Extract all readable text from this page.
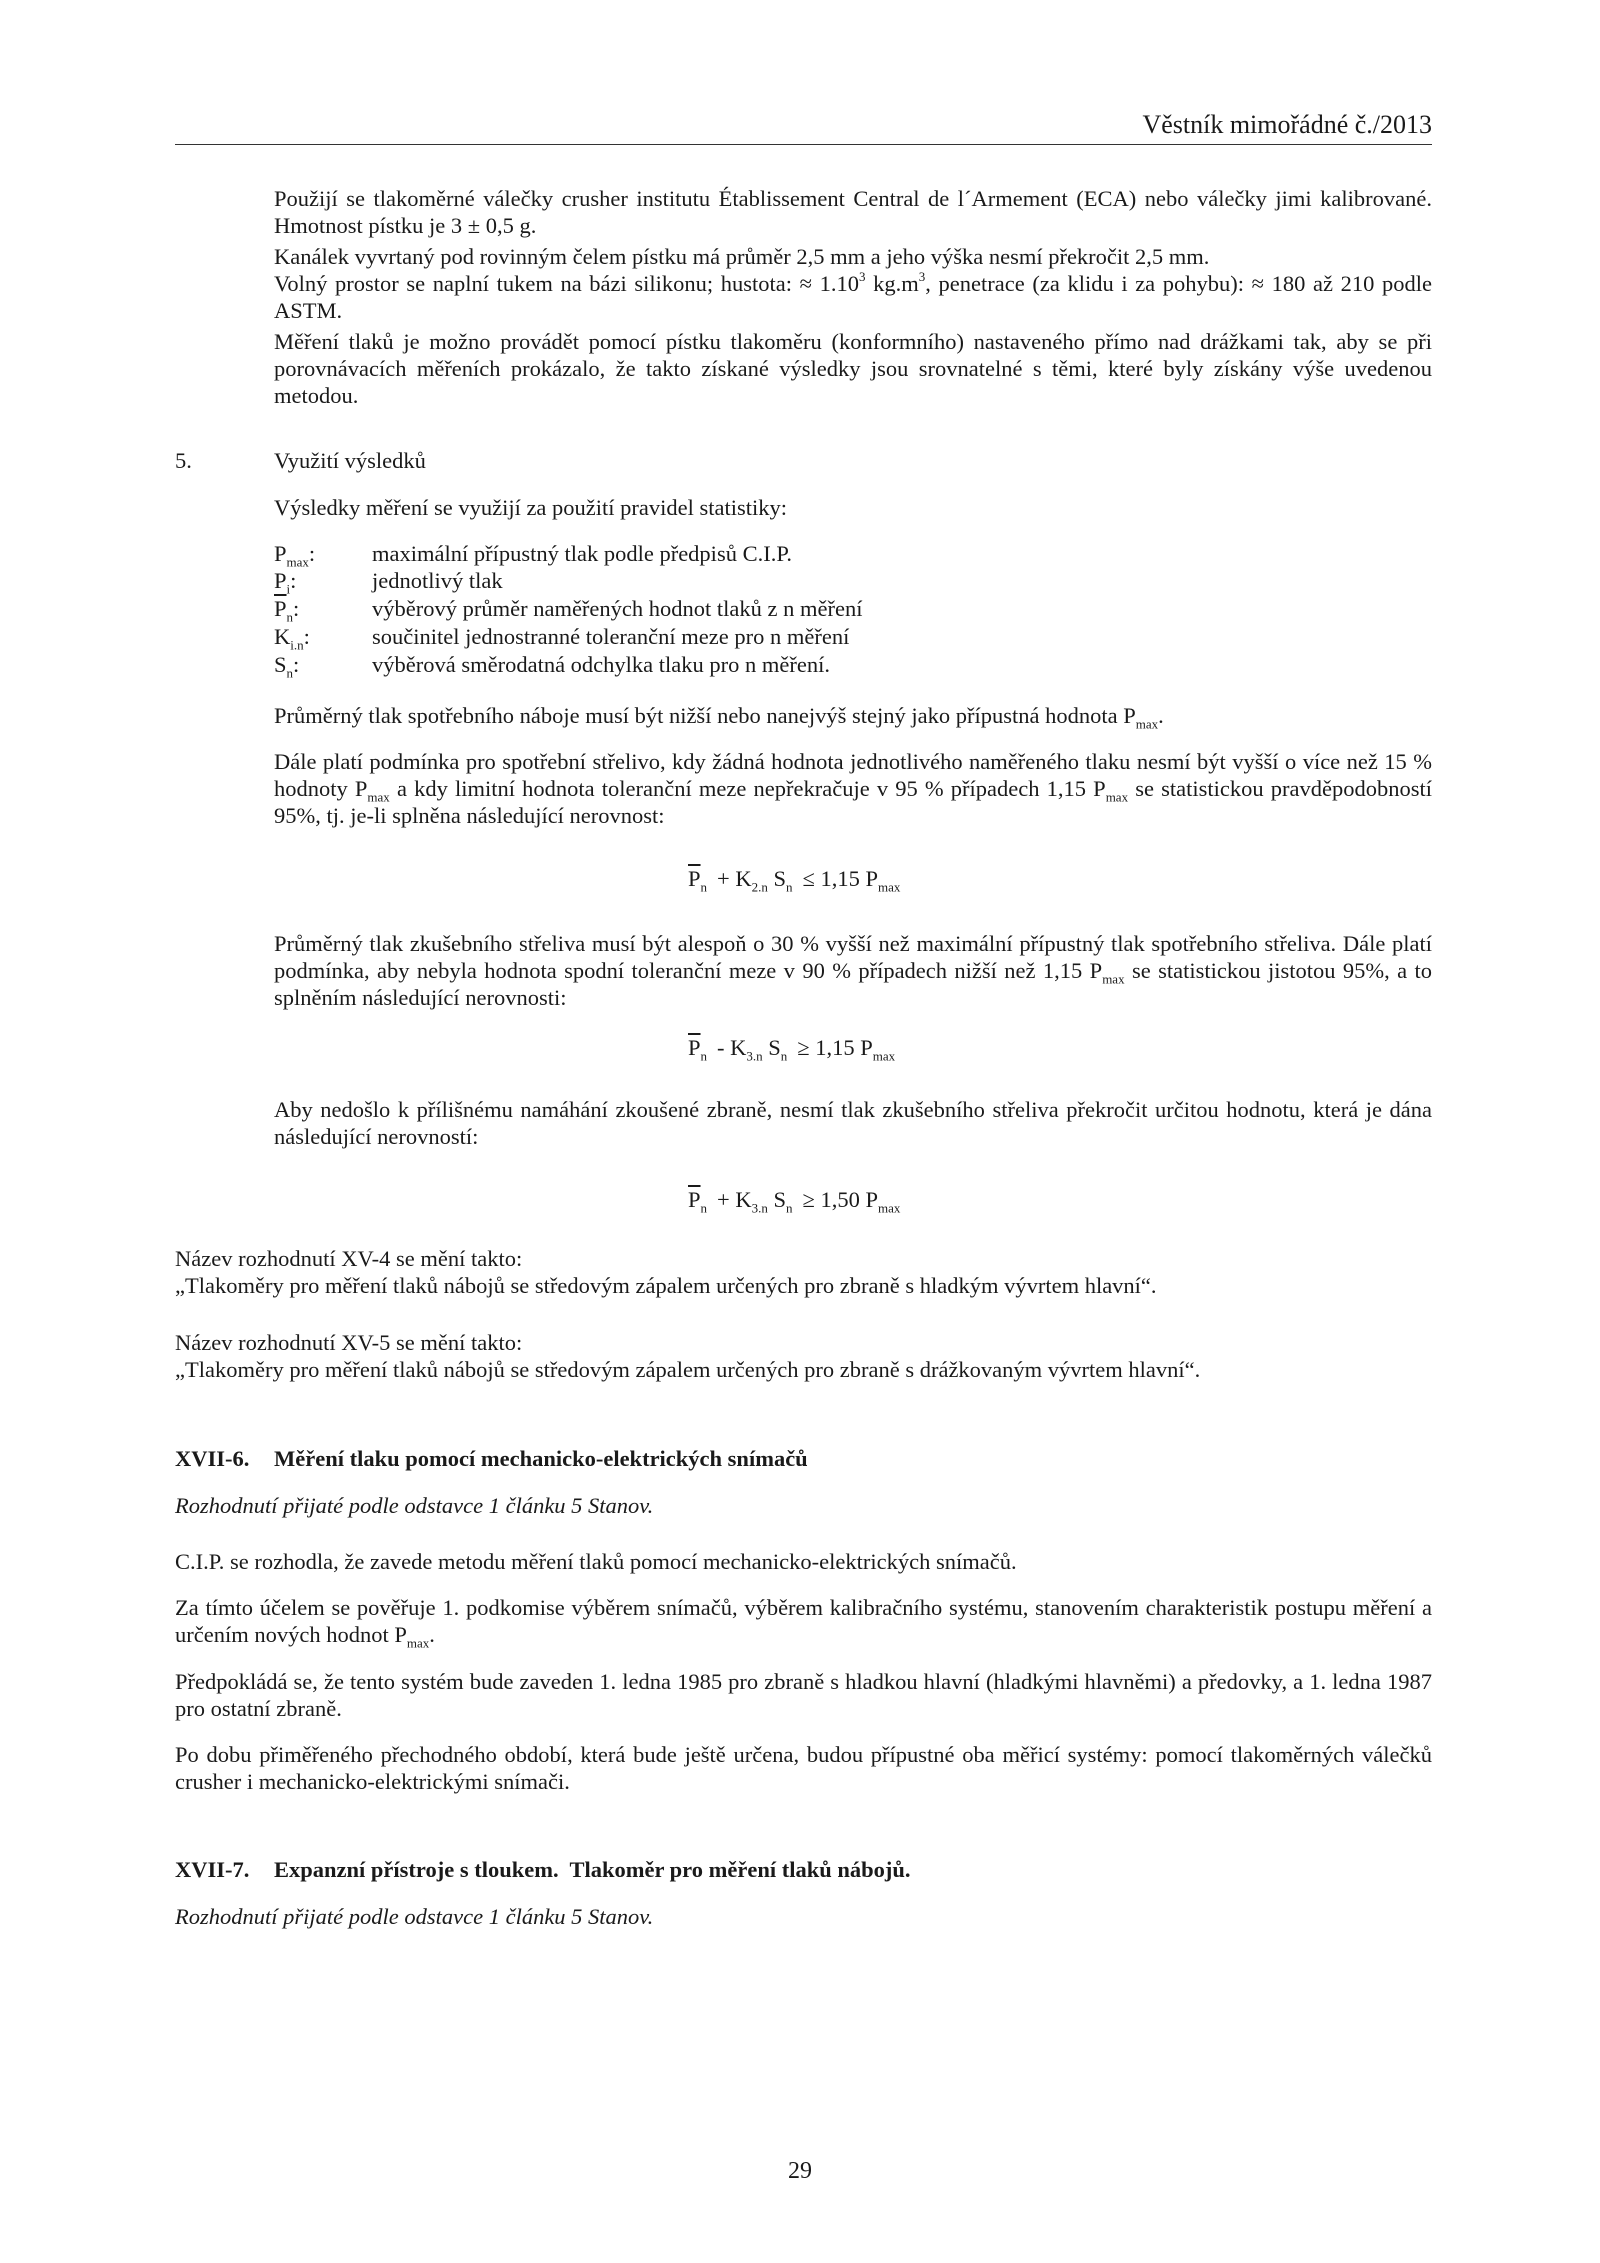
Věstník mimořádné č./2013

Použijí se tlakoměrné válečky crusher institutu Établissement Central de l´Armement (ECA) nebo válečky jimi kalibrované. Hmotnost pístku je 3 ± 0,5 g.

Kanálek vyvrtaný pod rovinným čelem pístku má průměr 2,5 mm a jeho výška nesmí překročit 2,5 mm.

Volný prostor se naplní tukem na bázi silikonu; hustota: ≈ $1.10^3$ $kg.m^3$, penetrace (za klidu i za pohybu): ≈ 180 až 210 podle ASTM.

Měření tlaků je možno provádět pomocí pístku tlakoměru (konformního) nastaveného přímo nad drážkami tak, aby se při porovnávacích měřeních prokázalo, že takto získané výsledky jsou srovnatelné s těmi, které byly získány výše uvedenou metodou.

5.	Využití výsledků

Výsledky měření se využijí za použití pravidel statistiky:

$P_{max}$:	maximální přípustný tlak podle předpisů C.I.P.
$P_i$:	jednotlivý tlak
$\overline{P}_n$:	výběrový průměr naměřených hodnot tlaků z n měření
$K_{i.n}$:	součinitel jednostranné toleranční meze pro n měření
$S_n$:	výběrová směrodatná odchylka tlaku pro n měření.

Průměrný tlak spotřebního náboje musí být nižší nebo nanejvýš stejný jako přípustná hodnota $P_{max}$.

Dále platí podmínka pro spotřební střelivo, kdy žádná hodnota jednotlivého naměřeného tlaku nesmí být vyšší o více než 15 % hodnoty $P_{max}$ a kdy limitní hodnota toleranční meze nepřekračuje v 95 % případech 1,15 $P_{max}$ se statistickou pravděpodobností 95%, tj. je-li splněna následující nerovnost:

$\overline{P}_n + K_{2.n}$ $S_n \le 1,15$ $P_{max}$

Průměrný tlak zkušebního střeliva musí být alespoň o 30 % vyšší než maximální přípustný tlak spotřebního střeliva. Dále platí podmínka, aby nebyla hodnota spodní toleranční meze v 90 % případech nižší než 1,15 $P_{max}$ se statistickou jistotou 95%, a to splněním následující nerovnosti:

$\overline{P}_n - K_{3.n}$ $S_n \ge 1,15$ $P_{max}$

Aby nedošlo k přílišnému namáhání zkoušené zbraně, nesmí tlak zkušebního střeliva překročit určitou hodnotu, která je dána následující nerovností:

$\overline{P}_n + K_{3.n}$ $S_n \ge 1,50$ $P_{max}$

Název rozhodnutí XV-4 se mění takto:

„Tlakoměry pro měření tlaků nábojů se středovým zápalem určených pro zbraně s hladkým vývrtem hlavní“.

Název rozhodnutí XV-5 se mění takto:

„Tlakoměry pro měření tlaků nábojů se středovým zápalem určených pro zbraně s drážkovaným vývrtem hlavní“.

XVII-6. Měření tlaku pomocí mechanicko-elektrických snímačů

Rozhodnutí přijaté podle odstavce 1 článku 5 Stanov.

C.I.P. se rozhodla, že zavede metodu měření tlaků pomocí mechanicko-elektrických snímačů.

Za tímto účelem se pověřuje 1. podkomise výběrem snímačů, výběrem kalibračního systému, stanovením charakteristik postupu měření a určením nových hodnot $P_{max}$.

Předpokládá se, že tento systém bude zaveden 1. ledna 1985 pro zbraně s hladkou hlavní (hladkými hlavněmi) a předovky, a 1. ledna 1987 pro ostatní zbraně.

Po dobu přiměřeného přechodného období, která bude ještě určena, budou přípustné oba měřicí systémy: pomocí tlakoměrných válečků crusher i mechanicko-elektrickými snímači.

XVII-7. Expanzní přístroje s tloukem.  Tlakoměr pro měření tlaků nábojů.

Rozhodnutí přijaté podle odstavce 1 článku 5 Stanov.

29
